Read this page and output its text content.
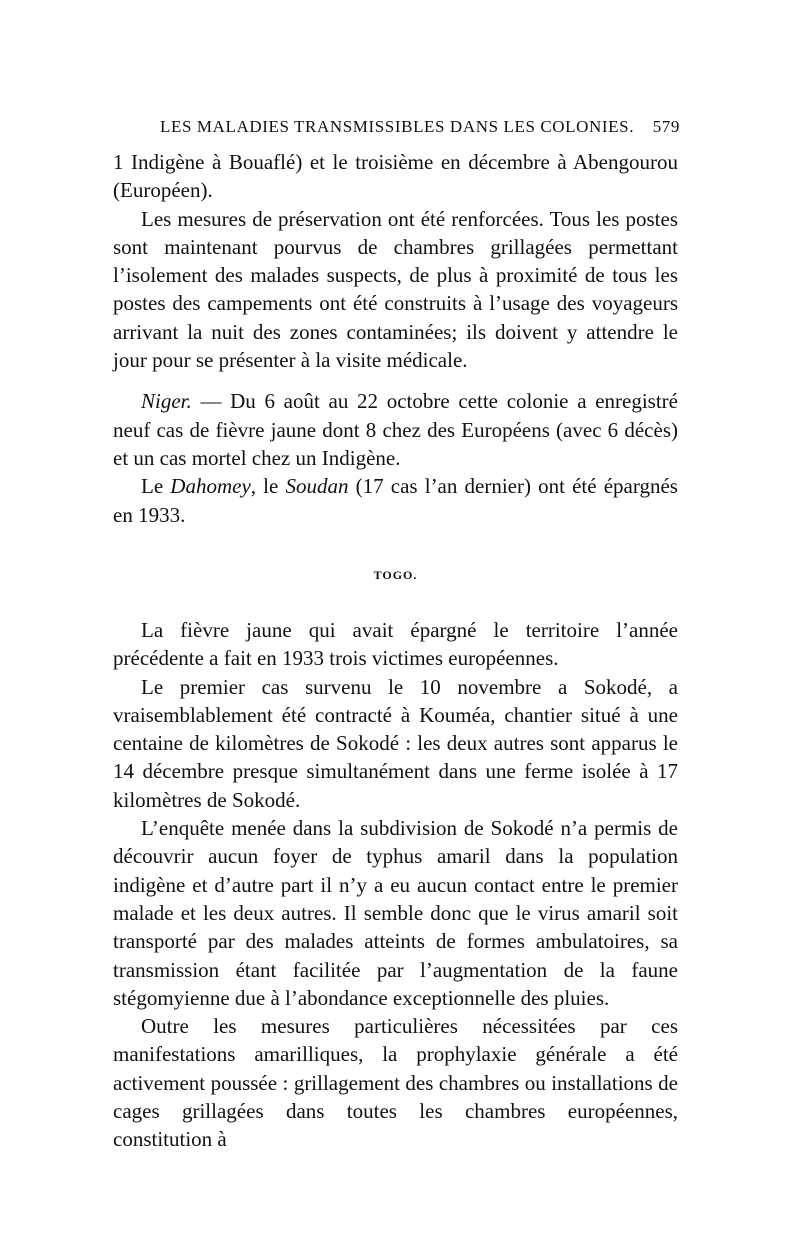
LES MALADIES TRANSMISSIBLES DANS LES COLONIES. 579

1 Indigène à Bouaflé) et le troisième en décembre à Abengourou (Européen).

Les mesures de préservation ont été renforcées. Tous les postes sont maintenant pourvus de chambres grillagées permettant l’isolement des malades suspects, de plus à proximité de tous les postes des campements ont été construits à l’usage des voyageurs arrivant la nuit des zones contaminées; ils doivent y attendre le jour pour se présenter à la visite médicale.

Niger. — Du 6 août au 22 octobre cette colonie a enregistré neuf cas de fièvre jaune dont 8 chez des Européens (avec 6 décès) et un cas mortel chez un Indigène.

Le Dahomey, le Soudan (17 cas l’an dernier) ont été épargnés en 1933.

TOGO.

La fièvre jaune qui avait épargné le territoire l’année précédente a fait en 1933 trois victimes européennes.

Le premier cas survenu le 10 novembre a Sokodé, a vraisemblablement été contracté à Kouméa, chantier situé à une centaine de kilomètres de Sokodé : les deux autres sont apparus le 14 décembre presque simultanément dans une ferme isolée à 17 kilomètres de Sokodé.

L’enquête menée dans la subdivision de Sokodé n’a permis de découvrir aucun foyer de typhus amaril dans la population indigène et d’autre part il n’y a eu aucun contact entre le premier malade et les deux autres. Il semble donc que le virus amaril soit transporté par des malades atteints de formes ambulatoires, sa transmission étant facilitée par l’augmentation de la faune stégomyienne due à l’abondance exceptionnelle des pluies.

Outre les mesures particulières nécessitées par ces manifestations amarilliques, la prophylaxie générale a été activement poussée : grillagement des chambres ou installations de cages grillagées dans toutes les chambres européennes, constitution à
